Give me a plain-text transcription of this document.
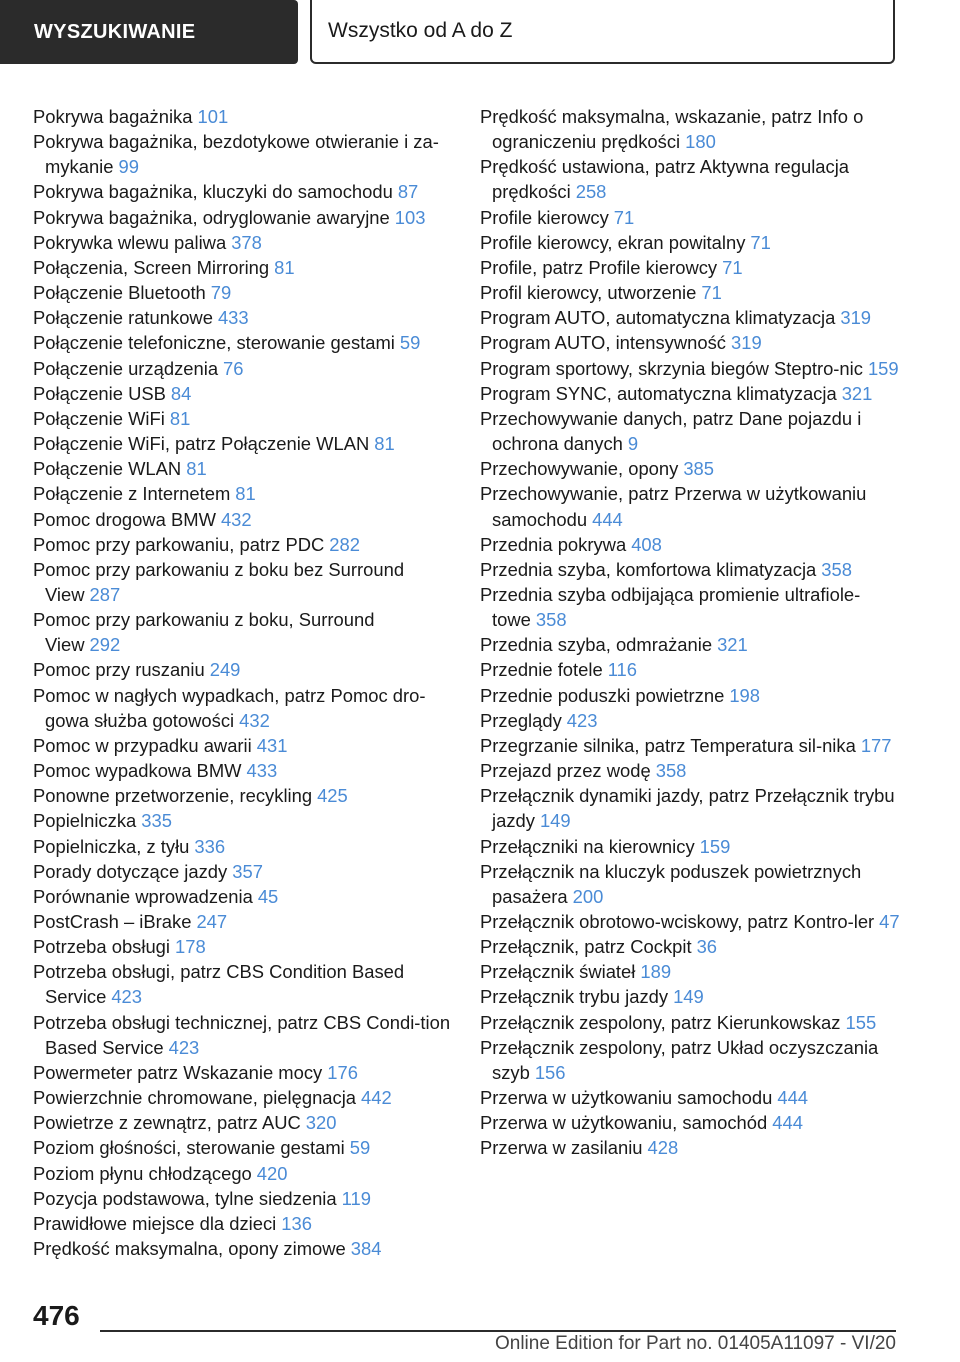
WYSZUKIWANIE	Wszystko od A do Z
Pokrywa bagażnika 101
Pokrywa bagażnika, bezdotykowe otwieranie i za-mykanie 99
Pokrywa bagażnika, kluczyki do samochodu 87
Pokrywa bagażnika, odryglowanie awaryjne 103
Pokrywka wlewu paliwa 378
Połączenia, Screen Mirroring 81
Połączenie Bluetooth 79
Połączenie ratunkowe 433
Połączenie telefoniczne, sterowanie gestami 59
Połączenie urządzenia 76
Połączenie USB 84
Połączenie WiFi 81
Połączenie WiFi, patrz Połączenie WLAN 81
Połączenie WLAN 81
Połączenie z Internetem 81
Pomoc drogowa BMW 432
Pomoc przy parkowaniu, patrz PDC 282
Pomoc przy parkowaniu z boku bez Surround View 287
Pomoc przy parkowaniu z boku, Surround View 292
Pomoc przy ruszaniu 249
Pomoc w nagłych wypadkach, patrz Pomoc dro-gowa służba gotowości 432
Pomoc w przypadku awarii 431
Pomoc wypadkowa BMW 433
Ponowne przetworzenie, recykling 425
Popielniczka 335
Popielniczka, z tyłu 336
Porady dotyczące jazdy 357
Porównanie wprowadzenia 45
PostCrash – iBrake 247
Potrzeba obsługi 178
Potrzeba obsługi, patrz CBS Condition Based Service 423
Potrzeba obsługi technicznej, patrz CBS Condi-tion Based Service 423
Powermeter patrz Wskazanie mocy 176
Powierzchnie chromowane, pielęgnacja 442
Powietrze z zewnątrz, patrz AUC 320
Poziom głośności, sterowanie gestami 59
Poziom płynu chłodzącego 420
Pozycja podstawowa, tylne siedzenia 119
Prawidłowe miejsce dla dzieci 136
Prędkość maksymalna, opony zimowe 384
Prędkość maksymalna, wskazanie, patrz Info o ograniczeniu prędkości 180
Prędkość ustawiona, patrz Aktywna regulacja prędkości 258
Profile kierowcy 71
Profile kierowcy, ekran powitalny 71
Profile, patrz Profile kierowcy 71
Profil kierowcy, utworzenie 71
Program AUTO, automatyczna klimatyzacja 319
Program AUTO, intensywność 319
Program sportowy, skrzynia biegów Steptro-nic 159
Program SYNC, automatyczna klimatyzacja 321
Przechowywanie danych, patrz Dane pojazdu i ochrona danych 9
Przechowywanie, opony 385
Przechowywanie, patrz Przerwa w użytkowaniu samochodu 444
Przednia pokrywa 408
Przednia szyba, komfortowa klimatyzacja 358
Przednia szyba odbijająca promienie ultrafiole-towe 358
Przednia szyba, odmrażanie 321
Przednie fotele 116
Przednie poduszki powietrzne 198
Przeglądy 423
Przegrzanie silnika, patrz Temperatura sil-nika 177
Przejazd przez wodę 358
Przełącznik dynamiki jazdy, patrz Przełącznik trybu jazdy 149
Przełączniki na kierownicy 159
Przełącznik na kluczyk poduszek powietrznych pasażera 200
Przełącznik obrotowo-wciskowy, patrz Kontro-ler 47
Przełącznik, patrz Cockpit 36
Przełącznik świateł 189
Przełącznik trybu jazdy 149
Przełącznik zespolony, patrz Kierunkowskaz 155
Przełącznik zespolony, patrz Układ oczyszczania szyb 156
Przerwa w użytkowaniu samochodu 444
Przerwa w użytkowaniu, samochód 444
Przerwa w zasilaniu 428
476
Online Edition for Part no. 01405A11097 - VI/20
